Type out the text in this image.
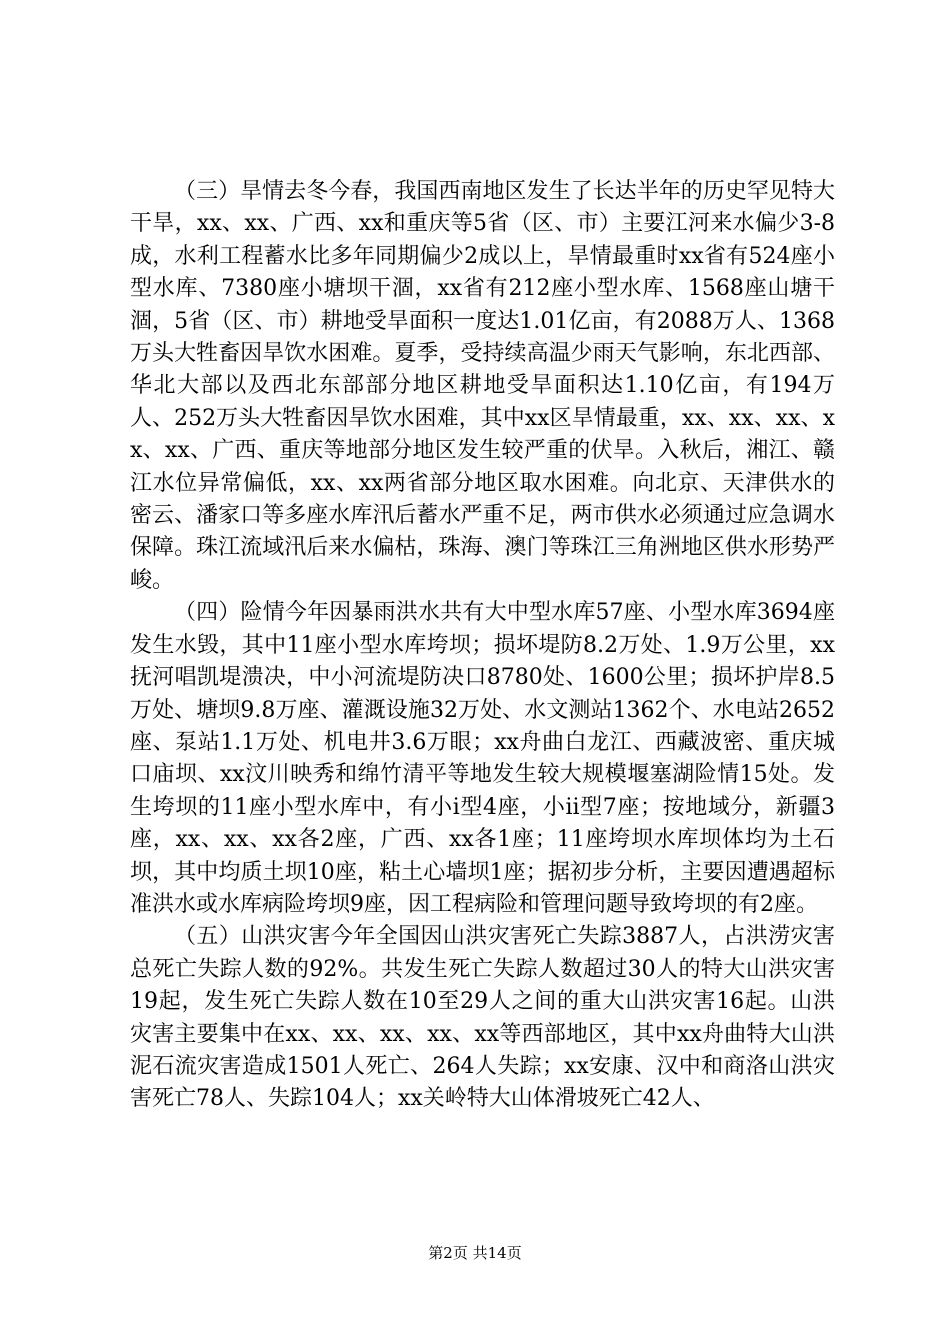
（三）旱情去冬今春，我国西南地区发生了长达半年的历史罕见特大干旱，xx、xx、广西、xx和重庆等5省（区、市）主要江河来水偏少3-8成，水利工程蓄水比多年同期偏少2成以上，旱情最重时xx省有524座小型水库、7380座小塘坝干涸，xx省有212座小型水库、1568座山塘干涸，5省（区、市）耕地受旱面积一度达1.01亿亩，有2088万人、1368万头大牲畜因旱饮水困难。夏季，受持续高温少雨天气影响，东北西部、华北大部以及西北东部部分地区耕地受旱面积达1.10亿亩，有194万人、252万头大牲畜因旱饮水困难，其中xx区旱情最重，xx、xx、xx、xx、xx、广西、重庆等地部分地区发生较严重的伏旱。入秋后，湘江、赣江水位异常偏低，xx、xx两省部分地区取水困难。向北京、天津供水的密云、潘家口等多座水库汛后蓄水严重不足，两市供水必须通过应急调水保障。珠江流域汛后来水偏枯，珠海、澳门等珠江三角洲地区供水形势严峻。

（四）险情今年因暴雨洪水共有大中型水库57座、小型水库3694座发生水毁，其中11座小型水库垮坝；损坏堤防8.2万处、1.9万公里，xx抚河唱凯堤溃决，中小河流堤防决口8780处、1600公里；损坏护岸8.5万处、塘坝9.8万座、灌溉设施32万处、水文测站1362个、水电站2652座、泵站1.1万处、机电井3.6万眼；xx舟曲白龙江、西藏波密、重庆城口庙坝、xx汶川映秀和绵竹清平等地发生较大规模堰塞湖险情15处。发生垮坝的11座小型水库中，有小ⅰ型4座，小ⅱ型7座；按地域分，新疆3座，xx、xx、xx各2座，广西、xx各1座；11座垮坝水库坝体均为土石坝，其中均质土坝10座，粘土心墙坝1座；据初步分析，主要因遭遇超标准洪水或水库病险垮坝9座，因工程病险和管理问题导致垮坝的有2座。

（五）山洪灾害今年全国因山洪灾害死亡失踪3887人，占洪涝灾害总死亡失踪人数的92%。共发生死亡失踪人数超过30人的特大山洪灾害19起，发生死亡失踪人数在10至29人之间的重大山洪灾害16起。山洪灾害主要集中在xx、xx、xx、xx、xx等西部地区，其中xx舟曲特大山洪泥石流灾害造成1501人死亡、264人失踪；xx安康、汉中和商洛山洪灾害死亡78人、失踪104人；xx关岭特大山体滑坡死亡42人、

第2页 共14页
